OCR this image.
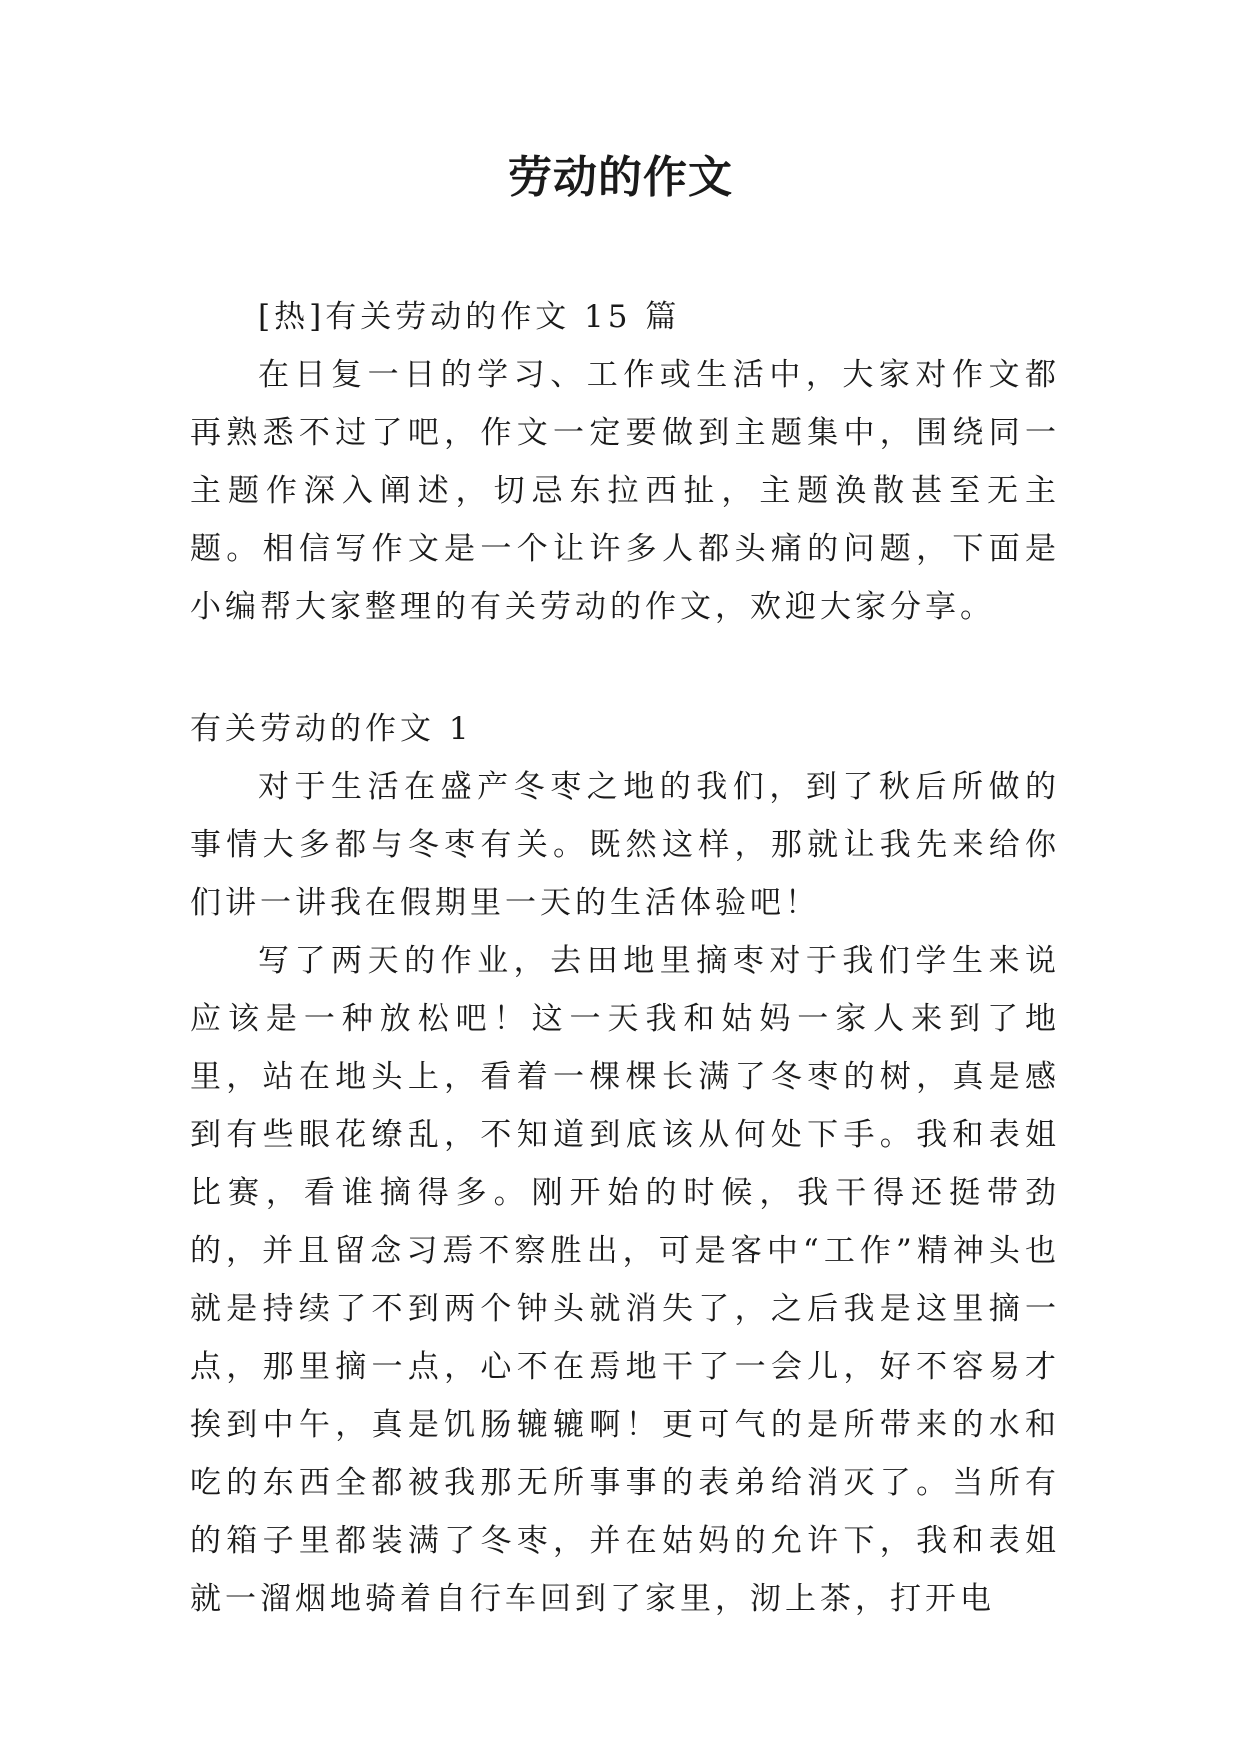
劳动的作文

[热]有关劳动的作文 15 篇

在日复一日的学习、工作或生活中，大家对作文都再熟悉不过了吧，作文一定要做到主题集中，围绕同一主题作深入阐述，切忌东拉西扯，主题涣散甚至无主题。相信写作文是一个让许多人都头痛的问题，下面是小编帮大家整理的有关劳动的作文，欢迎大家分享。

有关劳动的作文 1

对于生活在盛产冬枣之地的我们，到了秋后所做的事情大多都与冬枣有关。既然这样，那就让我先来给你们讲一讲我在假期里一天的生活体验吧！

写了两天的作业，去田地里摘枣对于我们学生来说应该是一种放松吧！这一天我和姑妈一家人来到了地里，站在地头上，看着一棵棵长满了冬枣的树，真是感到有些眼花缭乱，不知道到底该从何处下手。我和表姐比赛，看谁摘得多。刚开始的时候，我干得还挺带劲的，并且留念习焉不察胜出，可是客中“工作”精神头也就是持续了不到两个钟头就消失了，之后我是这里摘一点，那里摘一点，心不在焉地干了一会儿，好不容易才挨到中午，真是饥肠辘辘啊！更可气的是所带来的水和吃的东西全都被我那无所事事的表弟给消灭了。当所有的箱子里都装满了冬枣，并在姑妈的允许下，我和表姐就一溜烟地骑着自行车回到了家里，沏上茶，打开电
